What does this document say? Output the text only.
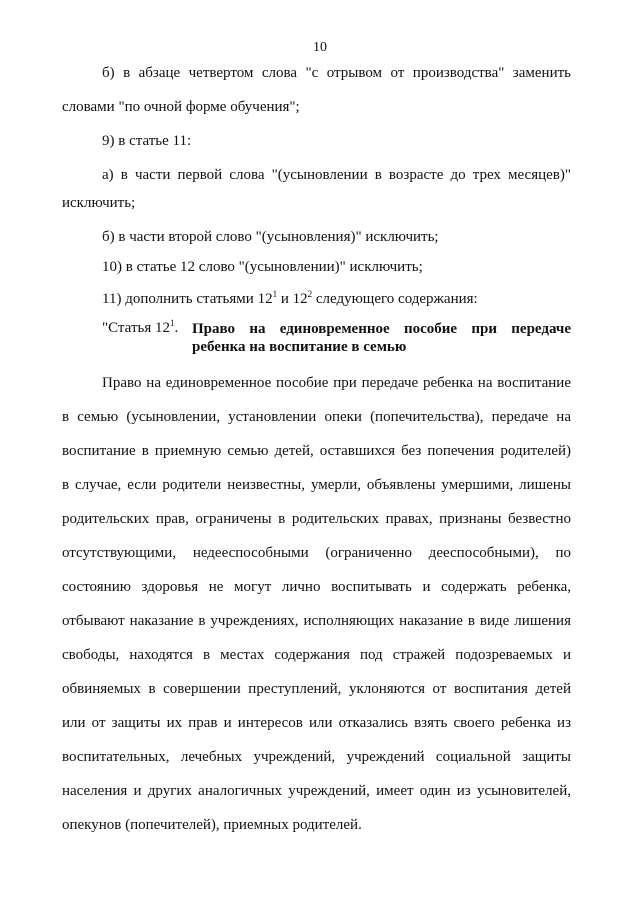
10
б) в абзаце четвертом слова "с отрывом от производства" заменить
словами "по очной форме обучения";
9) в статье 11:
а) в части первой слова "(усыновлении в возрасте до трех месяцев)"
исключить;
б) в части второй слово "(усыновления)" исключить;
10) в статье 12 слово "(усыновлении)" исключить;
11) дополнить статьями $12^1$ и $12^2$ следующего содержания:
"Статья $12^1$. Право на единовременное пособие при передаче
ребенка на воспитание в семью
Право на единовременное пособие при передаче ребенка на воспитание
в семью (усыновлении, установлении опеки (попечительства), передаче на
воспитание в приемную семью детей, оставшихся без попечения родителей)
в случае, если родители неизвестны, умерли, объявлены умершими, лишены
родительских прав, ограничены в родительских правах, признаны безвестно
отсутствующими, недееспособными (ограниченно дееспособными), по
состоянию здоровья не могут лично воспитывать и содержать ребенка,
отбывают наказание в учреждениях, исполняющих наказание в виде лишения
свободы, находятся в местах содержания под стражей подозреваемых и
обвиняемых в совершении преступлений, уклоняются от воспитания детей
или от защиты их прав и интересов или отказались взять своего ребенка из
воспитательных, лечебных учреждений, учреждений социальной защиты
населения и других аналогичных учреждений, имеет один из усыновителей,
опекунов (попечителей), приемных родителей.
